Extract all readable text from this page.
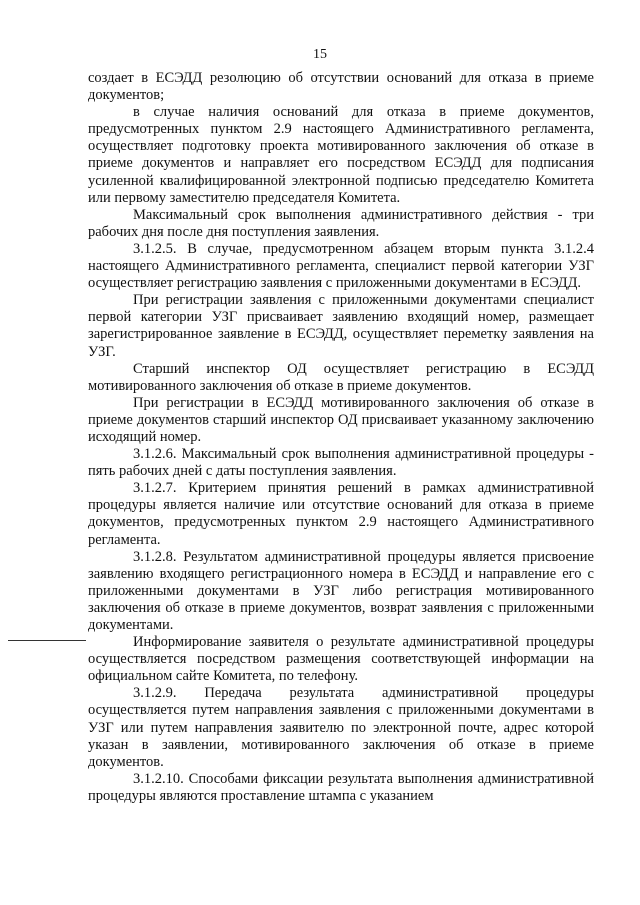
15

создает в ЕСЭДД резолюцию об отсутствии оснований для отказа в приеме документов;

в случае наличия оснований для отказа в приеме документов, предусмотренных пунктом 2.9 настоящего Административного регламента, осуществляет подготовку проекта мотивированного заключения об отказе в приеме документов и направляет его посредством ЕСЭДД для подписания усиленной квалифицированной электронной подписью председателю Комитета или первому заместителю председателя Комитета.

Максимальный срок выполнения административного действия - три рабочих дня после дня поступления заявления.

3.1.2.5. В случае, предусмотренном абзацем вторым пункта 3.1.2.4 настоящего Административного регламента, специалист первой категории УЗГ осуществляет регистрацию заявления с приложенными документами в ЕСЭДД.

При регистрации заявления с приложенными документами специалист первой категории УЗГ присваивает заявлению входящий номер, размещает зарегистрированное заявление в ЕСЭДД, осуществляет переметку заявления на УЗГ.

Старший инспектор ОД осуществляет регистрацию в ЕСЭДД мотивированного заключения об отказе в приеме документов.

При регистрации в ЕСЭДД мотивированного заключения об отказе в приеме документов старший инспектор ОД присваивает указанному заключению исходящий номер.

3.1.2.6. Максимальный срок выполнения административной процедуры - пять рабочих дней с даты поступления заявления.

3.1.2.7. Критерием принятия решений в рамках административной процедуры является наличие или отсутствие оснований для отказа в приеме документов, предусмотренных пунктом 2.9 настоящего Административного регламента.

3.1.2.8. Результатом административной процедуры является присвоение заявлению входящего регистрационного номера в ЕСЭДД и направление его с приложенными документами в УЗГ либо регистрация мотивированного заключения об отказе в приеме документов, возврат заявления с приложенными документами.

Информирование заявителя о результате административной процедуры осуществляется посредством размещения соответствующей информации на официальном сайте Комитета, по телефону.

3.1.2.9. Передача результата административной процедуры осуществляется путем направления заявления с приложенными документами в УЗГ или путем направления заявителю по электронной почте, адрес которой указан в заявлении, мотивированного заключения об отказе в приеме документов.

3.1.2.10. Способами фиксации результата выполнения административной процедуры являются проставление штампа с указанием
